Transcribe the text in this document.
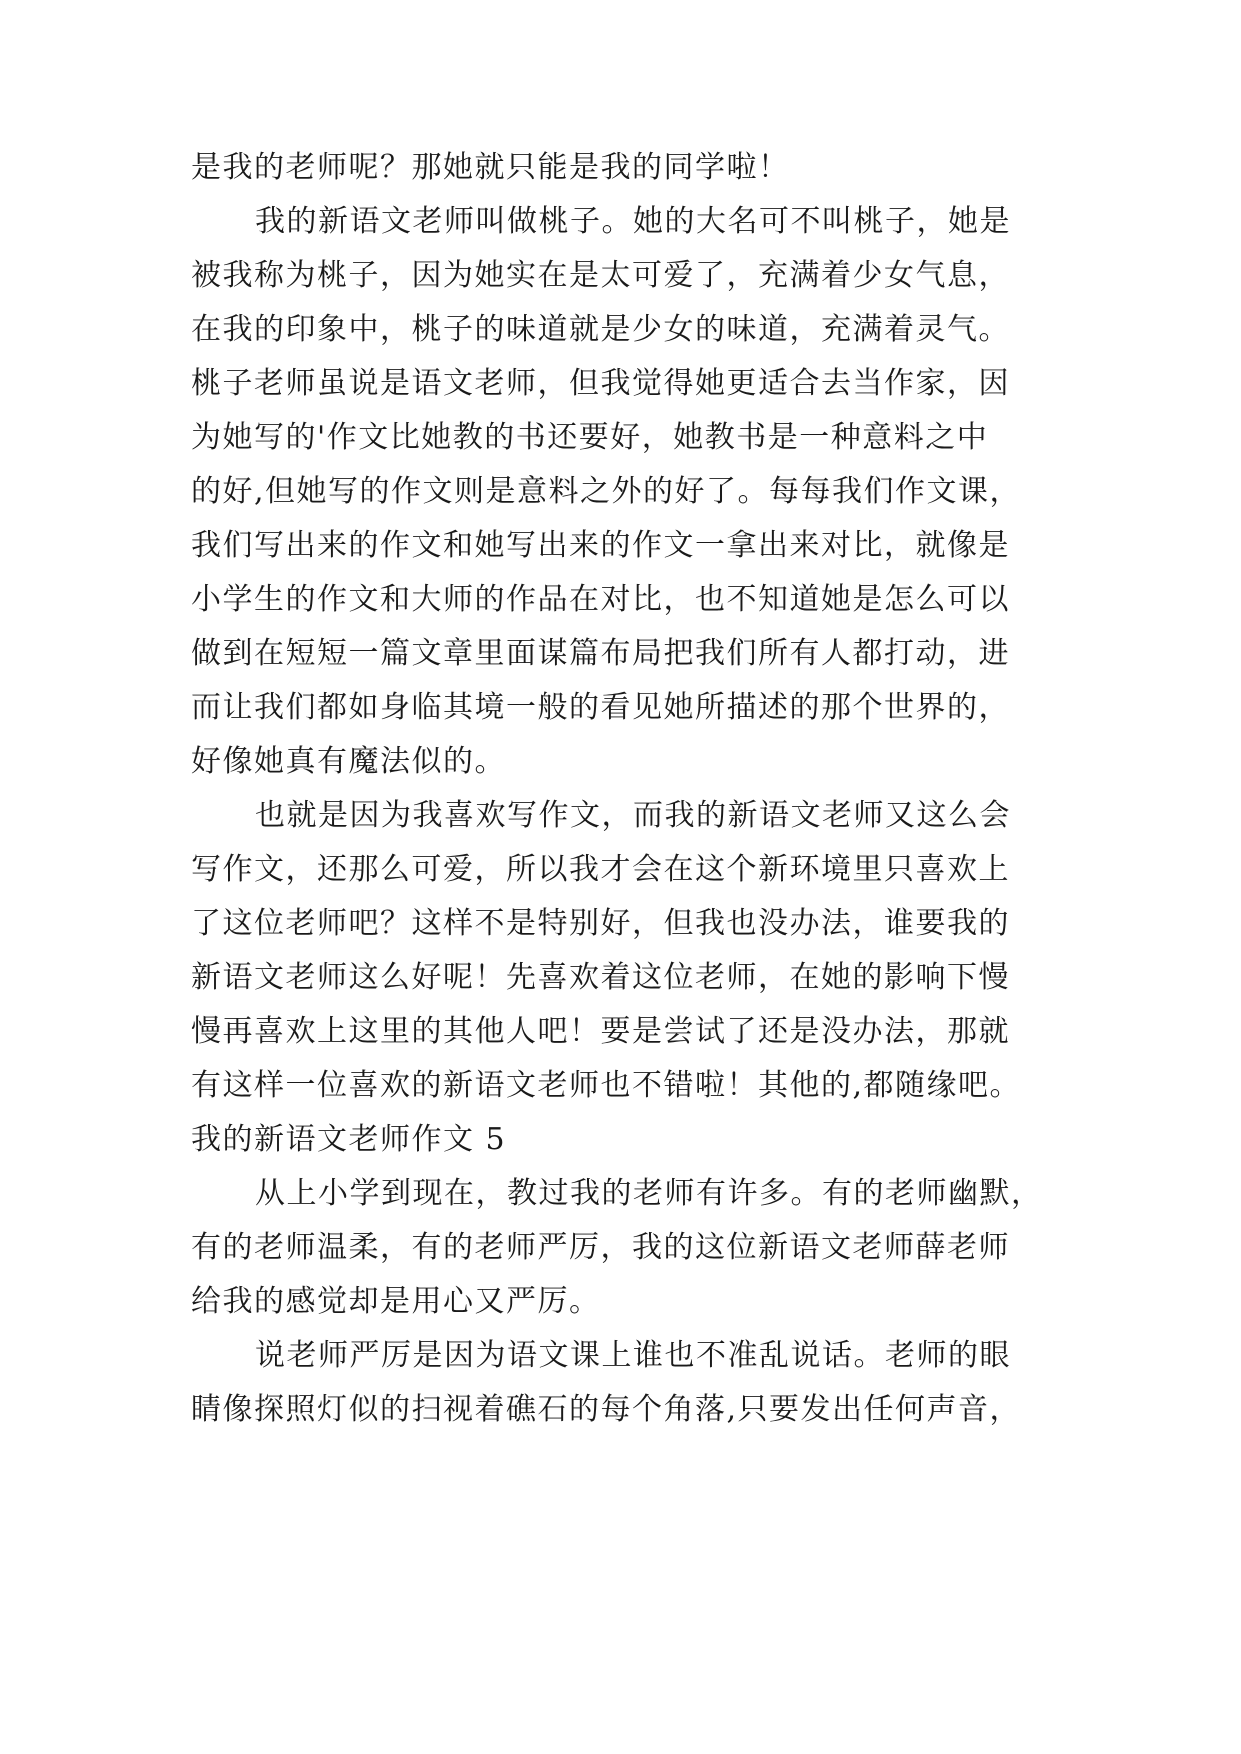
是我的老师呢？那她就只能是我的同学啦！
我的新语文老师叫做桃子。她的大名可不叫桃子，她是
被我称为桃子，因为她实在是太可爱了，充满着少女气息，
在我的印象中，桃子的味道就是少女的味道，充满着灵气。
桃子老师虽说是语文老师，但我觉得她更适合去当作家，因
为她写的'作文比她教的书还要好，她教书是一种意料之中
的好,但她写的作文则是意料之外的好了。每每我们作文课，
我们写出来的作文和她写出来的作文一拿出来对比，就像是
小学生的作文和大师的作品在对比，也不知道她是怎么可以
做到在短短一篇文章里面谋篇布局把我们所有人都打动，进
而让我们都如身临其境一般的看见她所描述的那个世界的，
好像她真有魔法似的。
也就是因为我喜欢写作文，而我的新语文老师又这么会
写作文，还那么可爱，所以我才会在这个新环境里只喜欢上
了这位老师吧？这样不是特别好，但我也没办法，谁要我的
新语文老师这么好呢！先喜欢着这位老师，在她的影响下慢
慢再喜欢上这里的其他人吧！要是尝试了还是没办法，那就
有这样一位喜欢的新语文老师也不错啦！其他的,都随缘吧。
我的新语文老师作文 5
从上小学到现在，教过我的老师有许多。有的老师幽默，
有的老师温柔，有的老师严厉，我的这位新语文老师薛老师
给我的感觉却是用心又严厉。
说老师严厉是因为语文课上谁也不准乱说话。老师的眼
睛像探照灯似的扫视着礁石的每个角落,只要发出任何声音，
